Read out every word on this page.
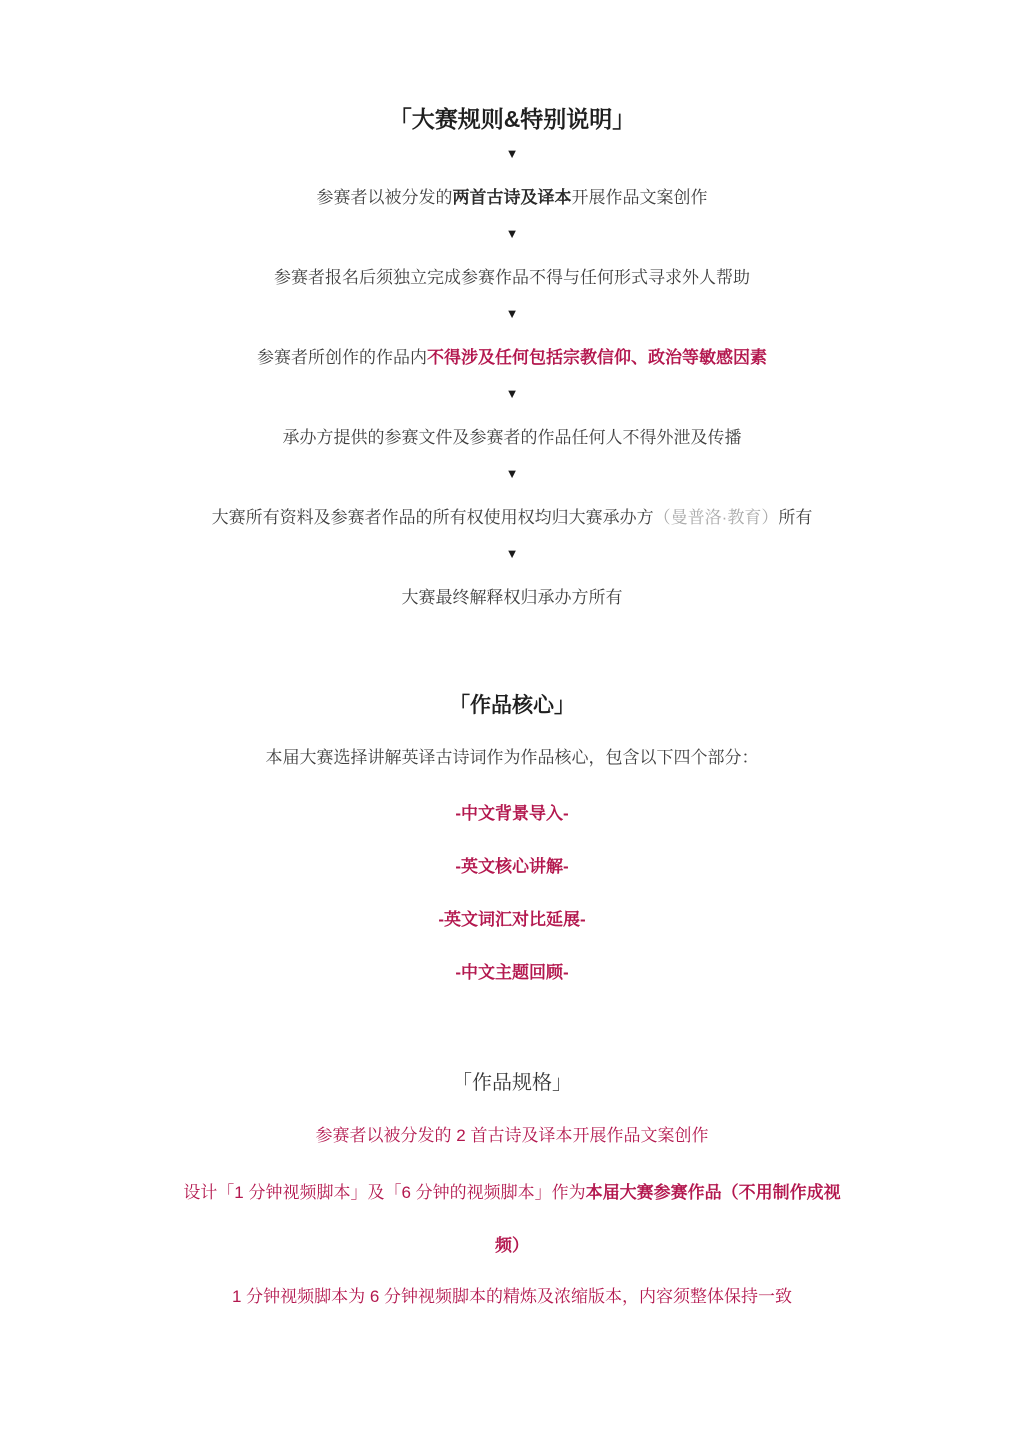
「大赛规则&特别说明」
▼

参赛者以被分发的两首古诗及译本开展作品文案创作

▼

参赛者报名后须独立完成参赛作品不得与任何形式寻求外人帮助

▼

参赛者所创作的作品内不得涉及任何包括宗教信仰、政治等敏感因素

▼

承办方提供的参赛文件及参赛者的作品任何人不得外泄及传播

▼

大赛所有资料及参赛者作品的所有权使用权均归大赛承办方（曼普洛·教育）所有

▼

大赛最终解释权归承办方所有

「作品核心」

本届大赛选择讲解英译古诗词作为作品核心，包含以下四个部分：

-中文背景导入-

-英文核心讲解-

-英文词汇对比延展-

-中文主题回顾-

「作品规格」

参赛者以被分发的 2 首古诗及译本开展作品文案创作

设计「1 分钟视频脚本」及「6 分钟的视频脚本」作为本届大赛参赛作品（不用制作成视
频）

1 分钟视频脚本为 6 分钟视频脚本的精炼及浓缩版本，内容须整体保持一致
